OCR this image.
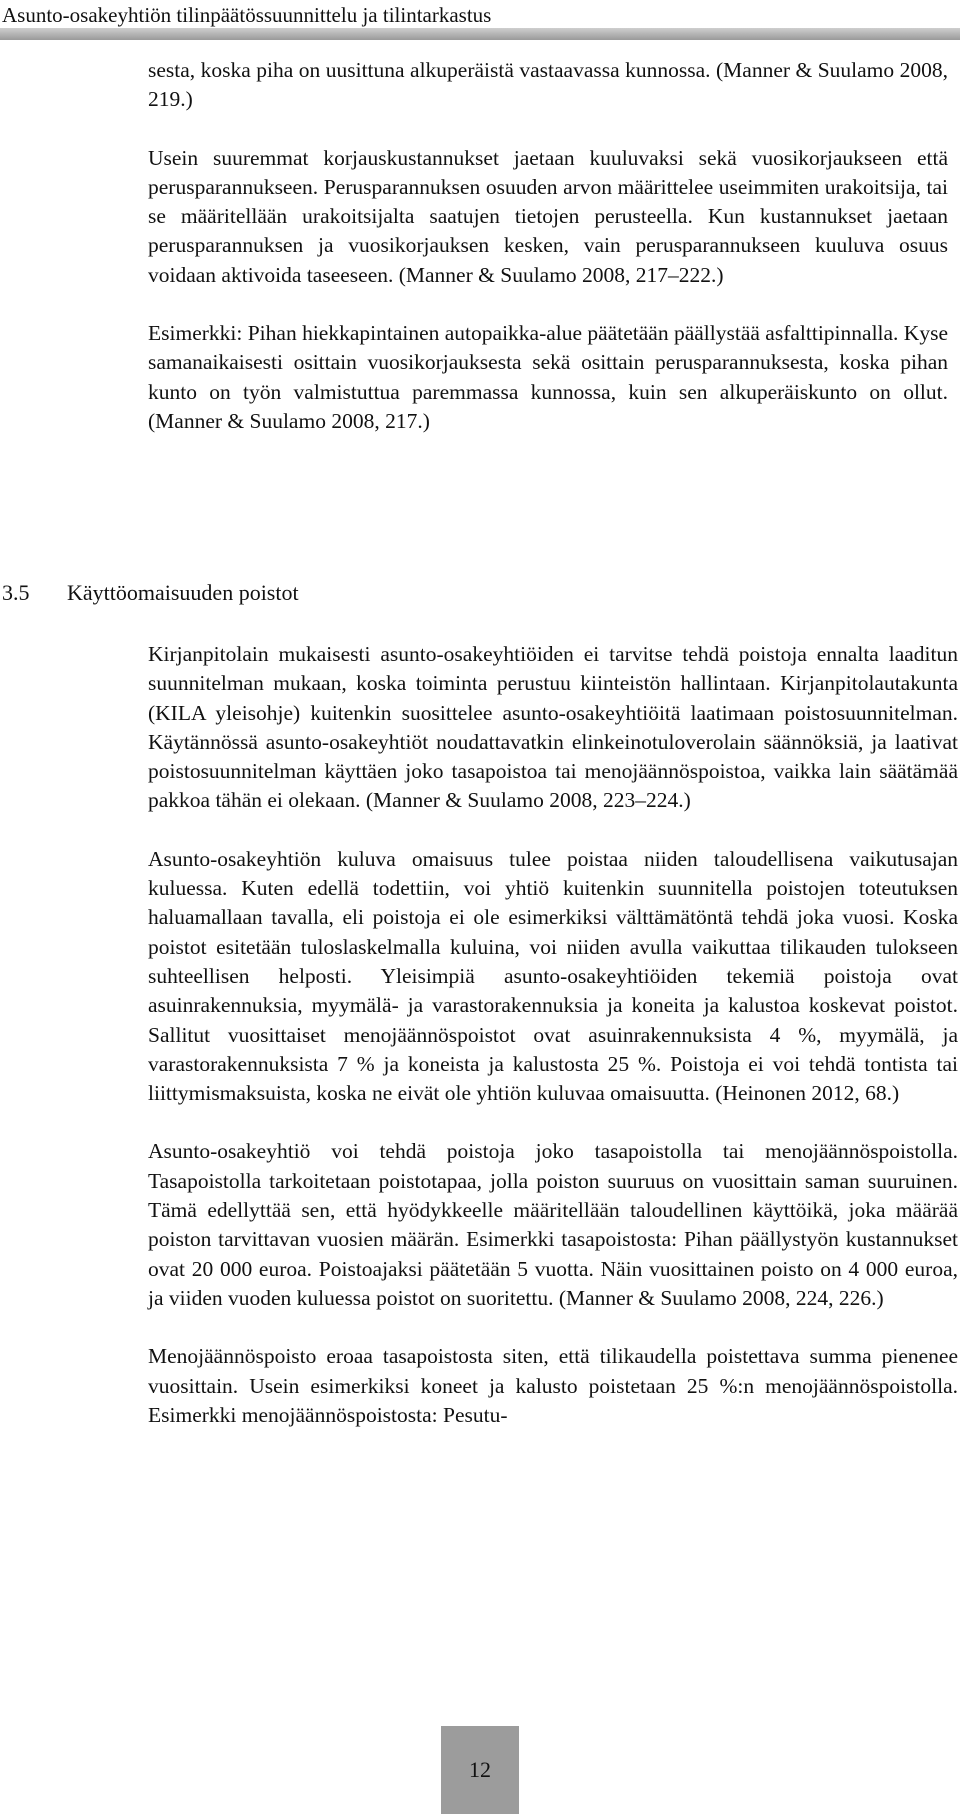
Asunto-osakeyhtiön tilinpäätössuunnittelu ja tilintarkastus

sesta, koska piha on uusittuna alkuperäistä vastaavassa kunnossa. (Manner & Suulamo 2008, 219.)

Usein suuremmat korjauskustannukset jaetaan kuuluvaksi sekä vuosikorjaukseen että perusparannukseen. Perusparannuksen osuuden arvon määrittelee useimmiten urakoitsija, tai se määritellään urakoitsijalta saatujen tietojen perusteella. Kun kustannukset jaetaan perusparannuksen ja vuosikorjauksen kesken, vain perusparannukseen kuuluva osuus voidaan aktivoida taseeseen. (Manner & Suulamo 2008, 217–222.)

Esimerkki: Pihan hiekkapintainen autopaikka-alue päätetään päällystää asfalttipinnalla. Kyse samanaikaisesti osittain vuosikorjauksesta sekä osittain perusparannuksesta, koska pihan kunto on työn valmistuttua paremmassa kunnossa, kuin sen alkuperäiskunto on ollut. (Manner & Suulamo 2008, 217.)

3.5 Käyttöomaisuuden poistot

Kirjanpitolain mukaisesti asunto-osakeyhtiöiden ei tarvitse tehdä poistoja ennalta laaditun suunnitelman mukaan, koska toiminta perustuu kiinteistön hallintaan. Kirjanpitolautakunta (KILA yleisohje) kuitenkin suosittelee asunto-osakeyhtiöitä laatimaan poistosuunnitelman. Käytännössä asunto-osakeyhtiöt noudattavatkin elinkeinotuloverolain säännöksiä, ja laativat poistosuunnitelman käyttäen joko tasapoistoa tai menojäännöspoistoa, vaikka lain säätämää pakkoa tähän ei olekaan. (Manner & Suulamo 2008, 223–224.)

Asunto-osakeyhtiön kuluva omaisuus tulee poistaa niiden taloudellisena vaikutusajan kuluessa. Kuten edellä todettiin, voi yhtiö kuitenkin suunnitella poistojen toteutuksen haluamallaan tavalla, eli poistoja ei ole esimerkiksi välttämätöntä tehdä joka vuosi. Koska poistot esitetään tuloslaskelmalla kuluina, voi niiden avulla vaikuttaa tilikauden tulokseen suhteellisen helposti. Yleisimpiä asunto-osakeyhtiöiden tekemiä poistoja ovat asuinrakennuksia, myymälä- ja varastorakennuksia ja koneita ja kalustoa koskevat poistot. Sallitut vuosittaiset menojäännöspoistot ovat asuinrakennuksista 4 %, myymälä, ja varastorakennuksista 7 % ja koneista ja kalustosta 25 %. Poistoja ei voi tehdä tontista tai liittymismaksuista, koska ne eivät ole yhtiön kuluvaa omaisuutta. (Heinonen 2012, 68.)

Asunto-osakeyhtiö voi tehdä poistoja joko tasapoistolla tai menojäännöspoistolla. Tasapoistolla tarkoitetaan poistotapaa, jolla poiston suuruus on vuosittain saman suuruinen. Tämä edellyttää sen, että hyödykkeelle määritellään taloudellinen käyttöikä, joka määrää poiston tarvittavan vuosien määrän. Esimerkki tasapoistosta: Pihan päällystyön kustannukset ovat 20 000 euroa. Poistoajaksi päätetään 5 vuotta. Näin vuosittainen poisto on 4 000 euroa, ja viiden vuoden kuluessa poistot on suoritettu. (Manner & Suulamo 2008, 224, 226.)

Menojäännöspoisto eroaa tasapoistosta siten, että tilikaudella poistettava summa pienenee vuosittain. Usein esimerkiksi koneet ja kalusto poistetaan 25 %:n menojäännöspoistolla. Esimerkki menojäännöspoistosta: Pesutu-

12
